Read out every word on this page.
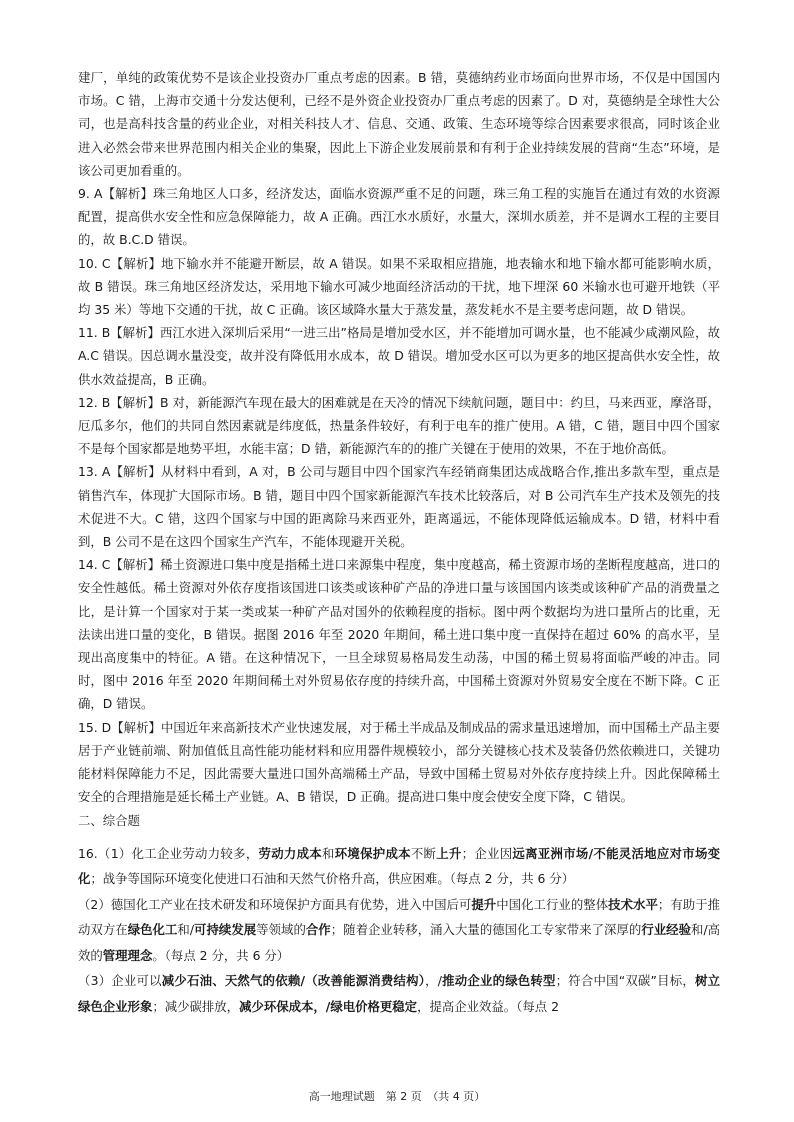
建厂，单纯的政策优势不是该企业投资办厂重点考虑的因素。B 错，莫德纳药业市场面向世界市场，不仅是中国国内市场。C 错，上海市交通十分发达便利，已经不是外资企业投资办厂重点考虑的因素了。D 对，莫德纳是全球性大公司，也是高科技含量的药业企业，对相关科技人才、信息、交通、政策、生态环境等综合因素要求很高，同时该企业进入必然会带来世界范围内相关企业的集聚，因此上下游企业发展前景和有利于企业持续发展的营商“生态”环境，是该公司更加看重的。

9. A【解析】珠三角地区人口多，经济发达，面临水资源严重不足的问题，珠三角工程的实施旨在通过有效的水资源配置，提高供水安全性和应急保障能力，故 A 正确。西江水水质好，水量大，深圳水质差，并不是调水工程的主要目的，故 B.C.D 错误。

10. C【解析】地下输水并不能避开断层，故 A 错误。如果不采取相应措施，地表输水和地下输水都可能影响水质，故 B 错误。珠三角地区经济发达，采用地下输水可减少地面经济活动的干扰，地下埋深 60 米输水也可避开地铁（平均 35 米）等地下交通的干扰，故 C 正确。该区域降水量大于蒸发量，蒸发耗水不是主要考虑问题，故 D 错误。

11. B【解析】西江水进入深圳后采用“一进三出”格局是增加受水区，并不能增加可调水量，也不能减少咸潮风险，故 A.C 错误。因总调水量没变，故并没有降低用水成本，故 D 错误。增加受水区可以为更多的地区提高供水安全性，故供水效益提高，B 正确。

12. B【解析】B 对，新能源汽车现在最大的困难就是在天冷的情况下续航问题，题目中：约旦，马来西亚，摩洛哥，厄瓜多尔，他们的共同自然因素就是纬度低，热量条件较好，有利于电车的推广使用。A 错，C 错，题目中四个国家不是每个国家都是地势平坦，水能丰富；D 错，新能源汽车的的推广关键在于使用的效果，不在于地价高低。

13. A【解析】从材料中看到，A 对，B 公司与题目中四个国家汽车经销商集团达成战略合作,推出多款车型，重点是销售汽车，体现扩大国际市场。B 错，题目中四个国家新能源汽车技术比较落后，对 B 公司汽车生产技术及领先的技术促进不大。C 错，这四个国家与中国的距离除马来西亚外，距离遥远，不能体现降低运输成本。D 错，材料中看到，B 公司不是在这四个国家生产汽车，不能体现避开关税。

14. C【解析】稀土资源进口集中度是指稀土进口来源集中程度，集中度越高，稀土资源市场的垄断程度越高，进口的安全性越低。稀土资源对外依存度指该国进口该类或该种矿产品的净进口量与该国国内该类或该种矿产品的消费量之比，是计算一个国家对于某一类或某一种矿产品对国外的依赖程度的指标。图中两个数据均为进口量所占的比重，无法读出进口量的变化，B 错误。据图 2016 年至 2020 年期间，稀土进口集中度一直保持在超过 60% 的高水平，呈现出高度集中的特征。A 错。在这种情况下，一旦全球贸易格局发生动荡，中国的稀土贸易将面临严峻的冲击。同时，图中 2016 年至 2020 年期间稀土对外贸易依存度的持续升高，中国稀土资源对外贸易安全度在不断下降。C 正确，D 错误。

15. D【解析】中国近年来高新技术产业快速发展，对于稀土半成品及制成品的需求量迅速增加，而中国稀土产品主要居于产业链前端、附加值低且高性能功能材料和应用器件规模较小，部分关键核心技术及装备仍然依赖进口，关键功能材料保障能力不足，因此需要大量进口国外高端稀土产品，导致中国稀土贸易对外依存度持续上升。因此保障稀土安全的合理措施是延长稀土产业链。A、B 错误，D 正确。提高进口集中度会使安全度下降，C 错误。

二、综合题

16.（1）化工企业劳动力较多，劳动力成本和环境保护成本不断上升；企业因远离亚洲市场/不能灵活地应对市场变化；战争等国际环境变化使进口石油和天然气价格升高，供应困难。（每点 2 分，共 6 分）

（2）德国化工产业在技术研发和环境保护方面具有优势，进入中国后可提升中国化工行业的整体技术水平；有助于推动双方在绿色化工和/可持续发展等领域的合作；随着企业转移，涌入大量的德国化工专家带来了深厚的行业经验和/高效的管理理念。（每点 2 分，共 6 分）

（3）企业可以减少石油、天然气的依赖/（改善能源消费结构），/推动企业的绿色转型；符合中国“双碳”目标，树立绿色企业形象；减少碳排放，减少环保成本，/绿电价格更稳定，提高企业效益。（每点 2

高一地理试题　第 2 页　（共 4 页）
